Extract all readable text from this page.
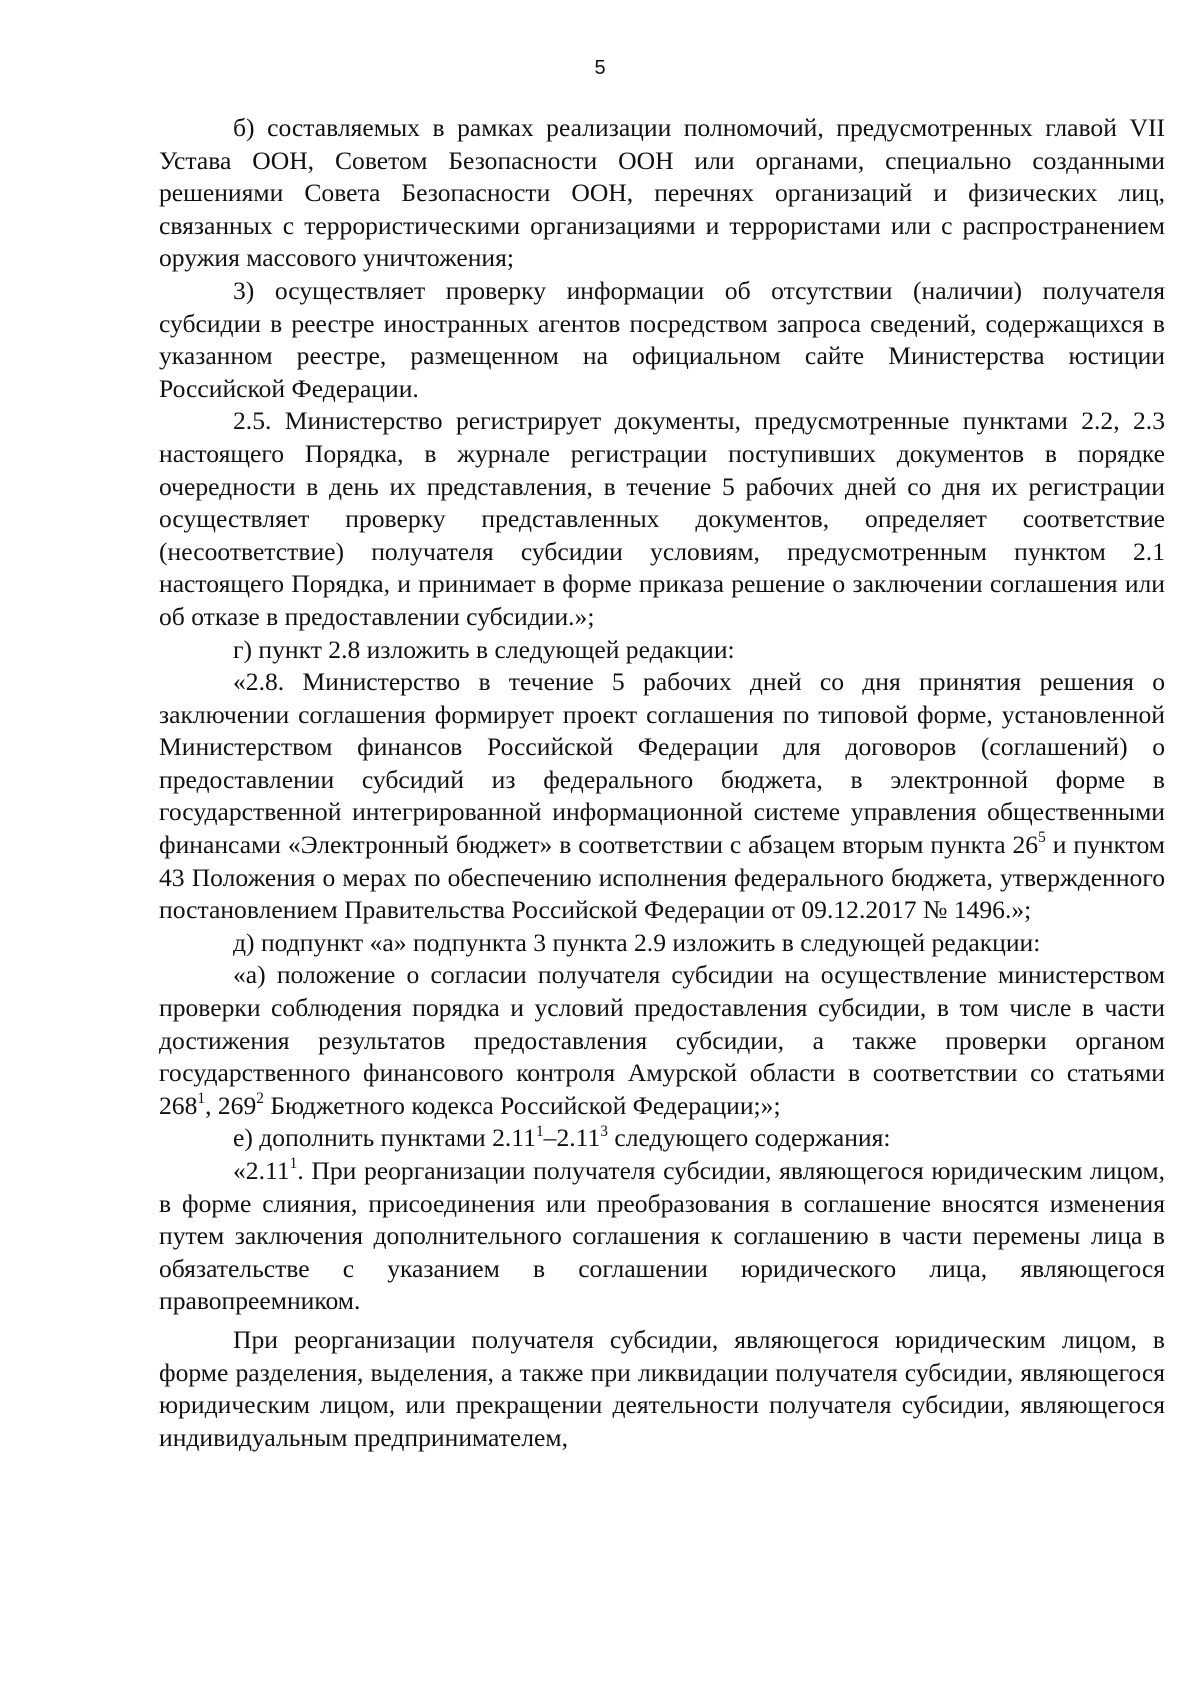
5

б) составляемых в рамках реализации полномочий, предусмотренных главой VII Устава ООН, Советом Безопасности ООН или органами, специально созданными решениями Совета Безопасности ООН, перечнях организаций и физических лиц, связанных с террористическими организациями и террористами или с распространением оружия массового уничтожения;

3) осуществляет проверку информации об отсутствии (наличии) получателя субсидии в реестре иностранных агентов посредством запроса сведений, содержащихся в указанном реестре, размещенном на официальном сайте Министерства юстиции Российской Федерации.

2.5. Министерство регистрирует документы, предусмотренные пунктами 2.2, 2.3 настоящего Порядка, в журнале регистрации поступивших документов в порядке очередности в день их представления, в течение 5 рабочих дней со дня их регистрации осуществляет проверку представленных документов, определяет соответствие (несоответствие) получателя субсидии условиям, предусмотренным пунктом 2.1 настоящего Порядка, и принимает в форме приказа решение о заключении соглашения или об отказе в предоставлении субсидии.»;

г) пункт 2.8 изложить в следующей редакции:

«2.8. Министерство в течение 5 рабочих дней со дня принятия решения о заключении соглашения формирует проект соглашения по типовой форме, установленной Министерством финансов Российской Федерации для договоров (соглашений) о предоставлении субсидий из федерального бюджета, в электронной форме в государственной интегрированной информационной системе управления общественными финансами «Электронный бюджет» в соответствии с абзацем вторым пункта $26^5$ и пунктом 43 Положения о мерах по обеспечению исполнения федерального бюджета, утвержденного постановлением Правительства Российской Федерации от 09.12.2017 № 1496.»;

д) подпункт «а» подпункта 3 пункта 2.9 изложить в следующей редакции:

«а) положение о согласии получателя субсидии на осуществление министерством проверки соблюдения порядка и условий предоставления субсидии, в том числе в части достижения результатов предоставления субсидии, а также проверки органом государственного финансового контроля Амурской области в соответствии со статьями $268^1$, $269^2$ Бюджетного кодекса Российской Федерации;»;

е) дополнить пунктами 2.11$^1$–2.11$^3$ следующего содержания:

«2.11$^1$. При реорганизации получателя субсидии, являющегося юридическим лицом, в форме слияния, присоединения или преобразования в соглашение вносятся изменения путем заключения дополнительного соглашения к соглашению в части перемены лица в обязательстве с указанием в соглашении юридического лица, являющегося правопреемником.

При реорганизации получателя субсидии, являющегося юридическим лицом, в форме разделения, выделения, а также при ликвидации получателя субсидии, являющегося юридическим лицом, или прекращении деятельности получателя субсидии, являющегося индивидуальным предпринимателем,
